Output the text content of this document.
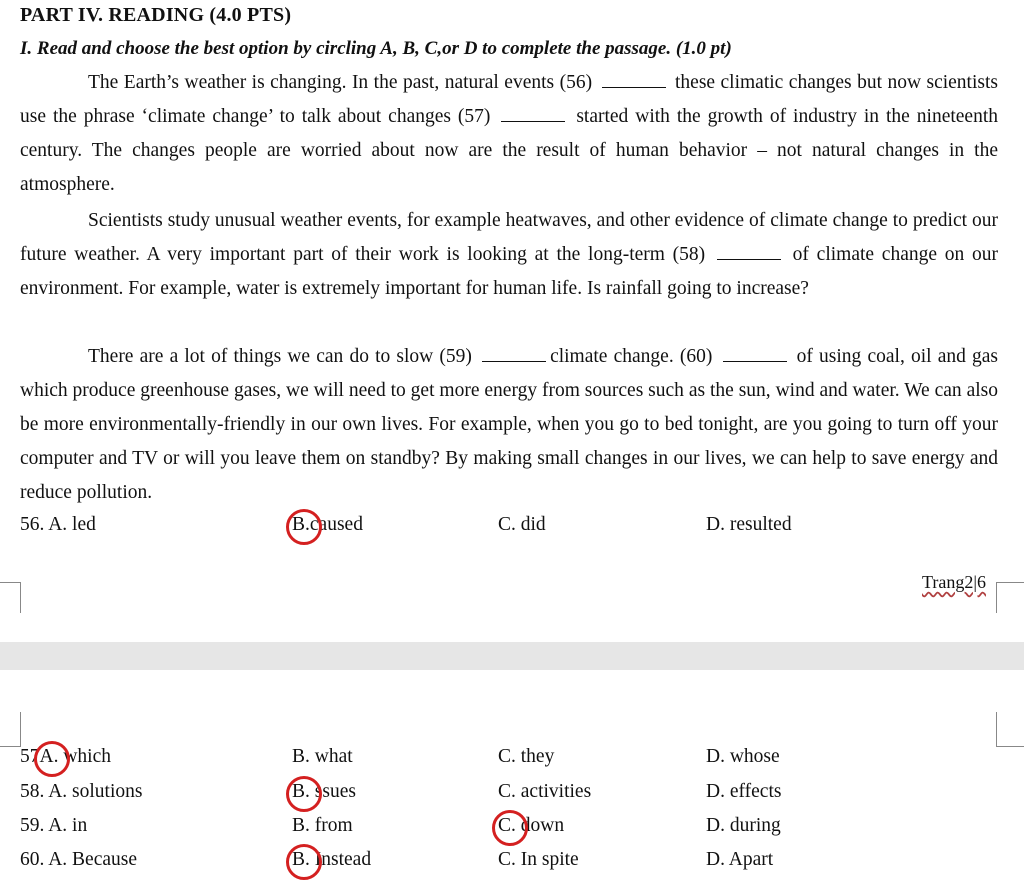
PART IV. READING (4.0 PTS)
I. Read and choose the best option by circling A, B, C,or D to complete the passage. (1.0 pt)

The Earth’s weather is changing. In the past, natural events (56)	these climatic changes but now scientists use the phrase ‘climate change’ to talk about changes (57)	started with the growth of industry in the nineteenth century. The changes people are worried about now are the result of human behavior – not natural changes in the atmosphere.

Scientists study unusual weather events, for example heatwaves, and other evidence of climate change to predict our future weather. A very important part of their work is looking at the long-term (58)	of climate change on our environment. For example, water is extremely important for human life. Is rainfall going to increase?

There are a lot of things we can do to slow (59)	climate change. (60)	of using coal, oil and gas which produce greenhouse gases, we will need to get more energy from sources such as the sun, wind and water. We can also be more environmentally-friendly in our own lives. For example, when you go to bed tonight, are you going to turn off your computer and TV or will you leave them on standby? By making small changes in our lives, we can help to save energy and reduce pollution.

56. A. led	B.caused	C. did	D. resulted
Trang2|6
57A. which	B. what	C. they	D. whose
58. A. solutions	B. ssues	C. activities	D. effects
59. A. in	B. from	C. down	D. during
60. A. Because	B. Instead	C. In spite	D. Apart
